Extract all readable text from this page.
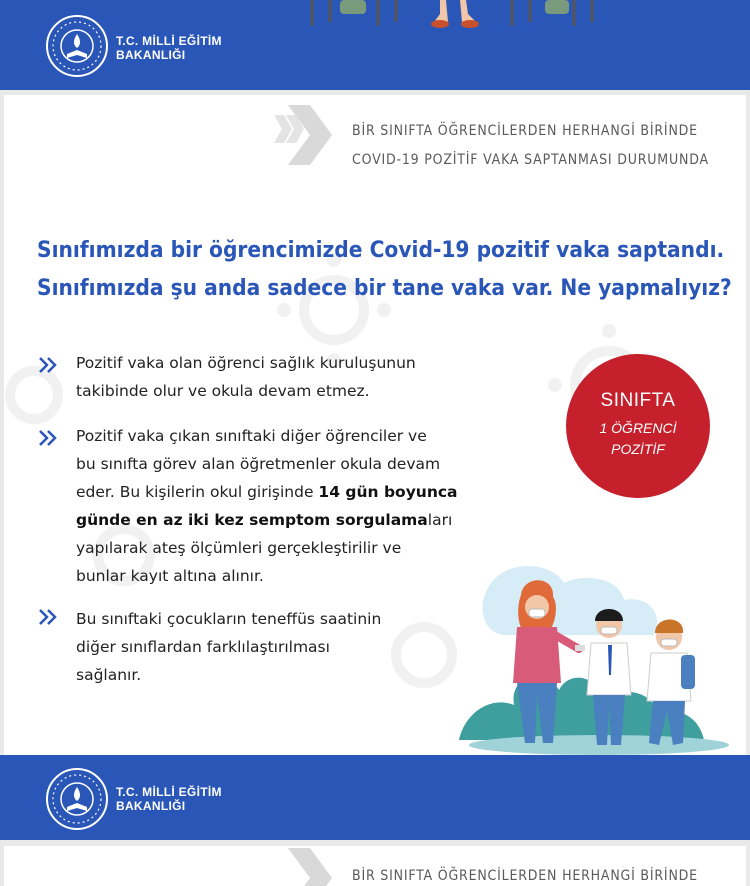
T.C. MİLLİ EĞİTİM
BAKANLIĞI
BİR SINIFTA ÖĞRENCİLERDEN HERHANGİ BİRİNDE
COVID-19 POZİTİF VAKA SAPTANMASI DURUMUNDA
Sınıfımızda bir öğrencimizde Covid-19 pozitif vaka saptandı.
Sınıfımızda şu anda sadece bir tane vaka var. Ne yapmalıyız?
Pozitif vaka olan öğrenci sağlık kuruluşunun
takibinde olur ve okula devam etmez.
Pozitif vaka çıkan sınıftaki diğer öğrenciler ve
bu sınıfta görev alan öğretmenler okula devam
eder. Bu kişilerin okul girişinde 14 gün boyunca
günde en az iki kez semptom sorgulamaları
yapılarak ateş ölçümleri gerçekleştirilir ve
bunlar kayıt altına alınır.
Bu sınıftaki çocukların teneffüs saatinin
diğer sınıflardan farklılaştırılması
sağlanır.
SINIFTA
1 ÖĞRENCİ
POZİTİF
T.C. MİLLİ EĞİTİM
BAKANLIĞI
BİR SINIFTA ÖĞRENCİLERDEN HERHANGİ BİRİNDE
